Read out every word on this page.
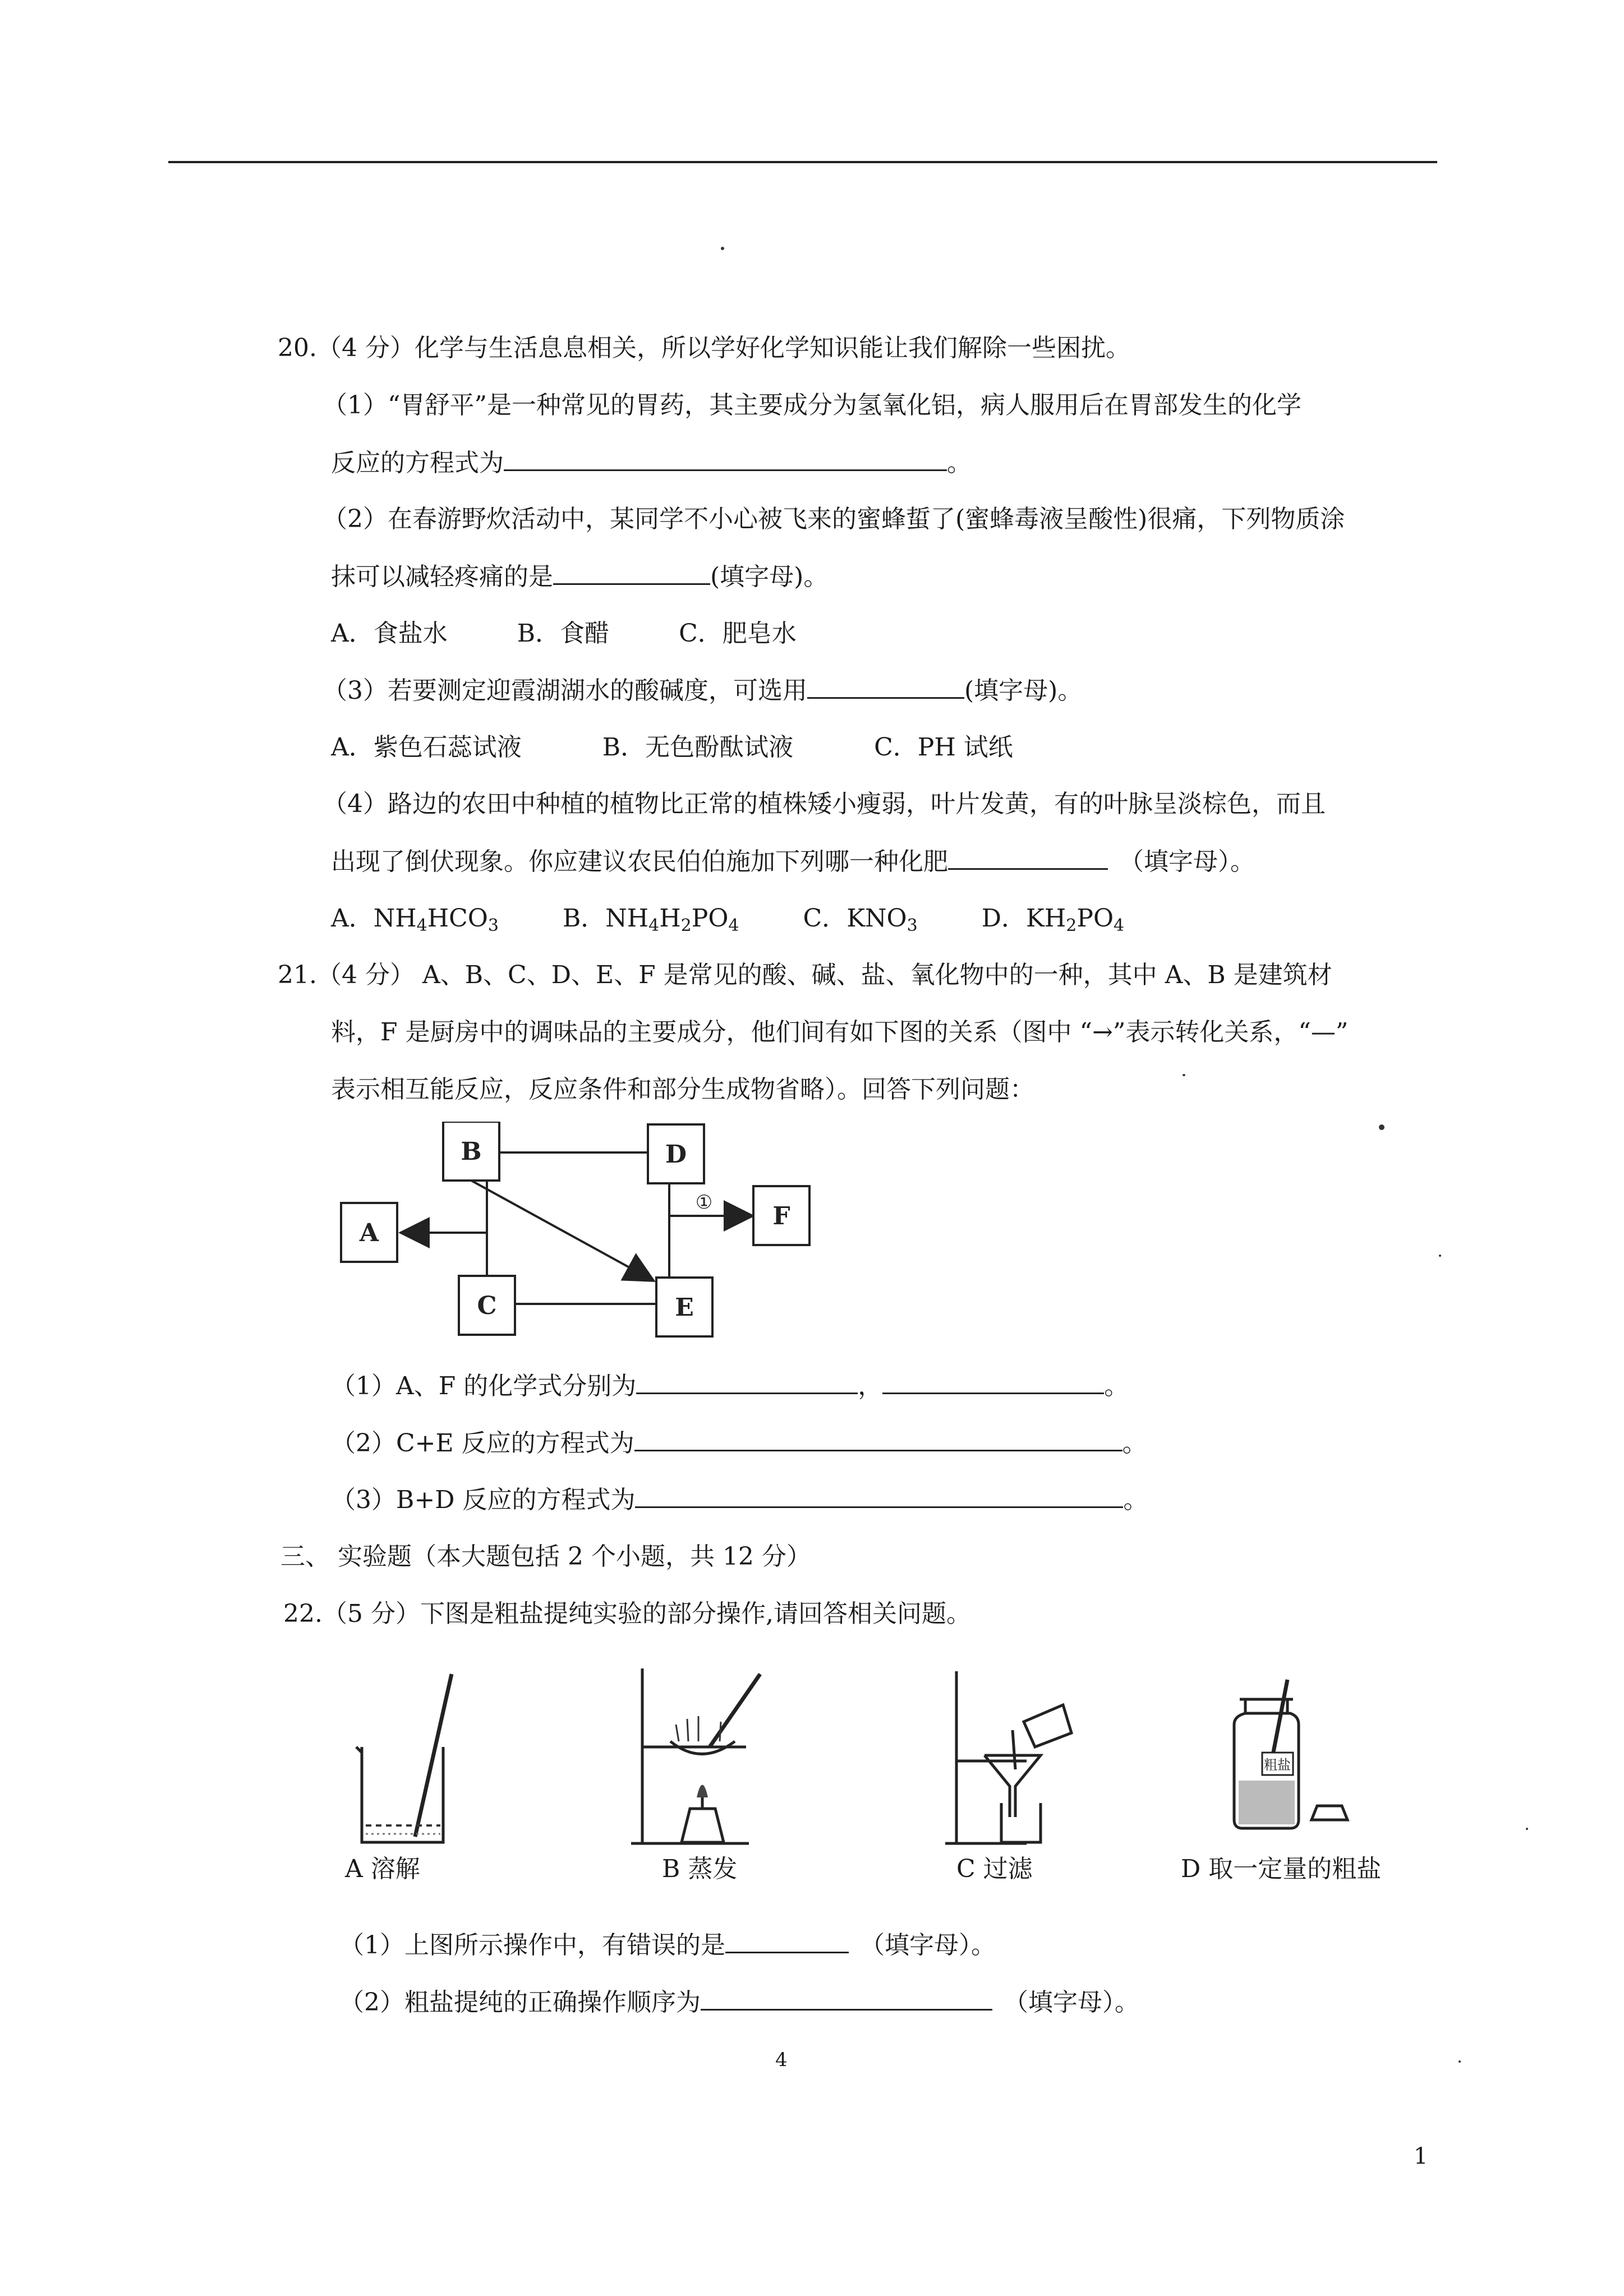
20.（4 分）化学与生活息息相关，所以学好化学知识能让我们解除一些困扰。
（1）“胃舒平”是一种常见的胃药，其主要成分为氢氧化铝，病人服用后在胃部发生的化学
反应的方程式为	。
（2）在春游野炊活动中，某同学不小心被飞来的蜜蜂蜇了(蜜蜂毒液呈酸性)很痛，下列物质涂
抹可以减轻疼痛的是	(填字母)。
A．食盐水	B．食醋	C．肥皂水
（3）若要测定迎霞湖湖水的酸碱度，可选用	(填字母)。
A．紫色石蕊试液	B．无色酚酞试液	C．PH 试纸
（4）路边的农田中种植的植物比正常的植株矮小瘦弱，叶片发黄，有的叶脉呈淡棕色，而且
出现了倒伏现象。你应建议农民伯伯施加下列哪一种化肥	（填字母）。
A．$NH_4HCO_3$	B．$NH_4H_2PO_4$	C．$KNO_3$	D．$KH_2PO_4$
21.（4 分） A、B、C、D、E、F 是常见的酸、碱、盐、氧化物中的一种，其中 A、B 是建筑材
料，F 是厨房中的调味品的主要成分，他们间有如下图的关系（图中 “→”表示转化关系，“—”
表示相互能反应，反应条件和部分生成物省略）。回答下列问题：
B	D
A
F
C	E
①
（1）A、F 的化学式分别为	，	。
（2）C+E 反应的方程式为	。
（3）B+D 反应的方程式为	。
三、 实验题（本大题包括 2 个小题，共 12 分）
22.（5 分）下图是粗盐提纯实验的部分操作,请回答相关问题。
A 溶解	B 蒸发	C 过滤
粗盐
D 取一定量的粗盐
（1）上图所示操作中，有错误的是	（填字母）。
（2）粗盐提纯的正确操作顺序为	（填字母）。
4
1
